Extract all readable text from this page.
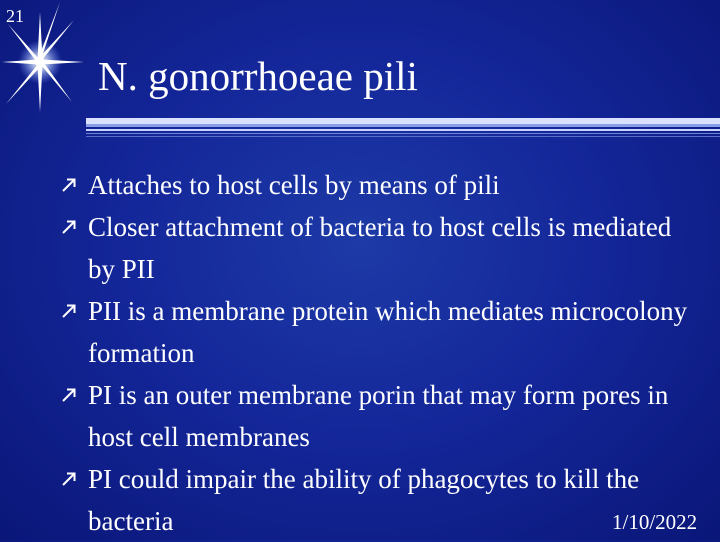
21
N. gonorrhoeae pili
Attaches to host cells by means of pili
Closer attachment of bacteria to host cells is mediated by PII
PII is a membrane protein which mediates microcolony formation
PI is an outer membrane porin that may form pores in host cell membranes
PI could impair the ability of phagocytes to kill the bacteria	1/10/2022
